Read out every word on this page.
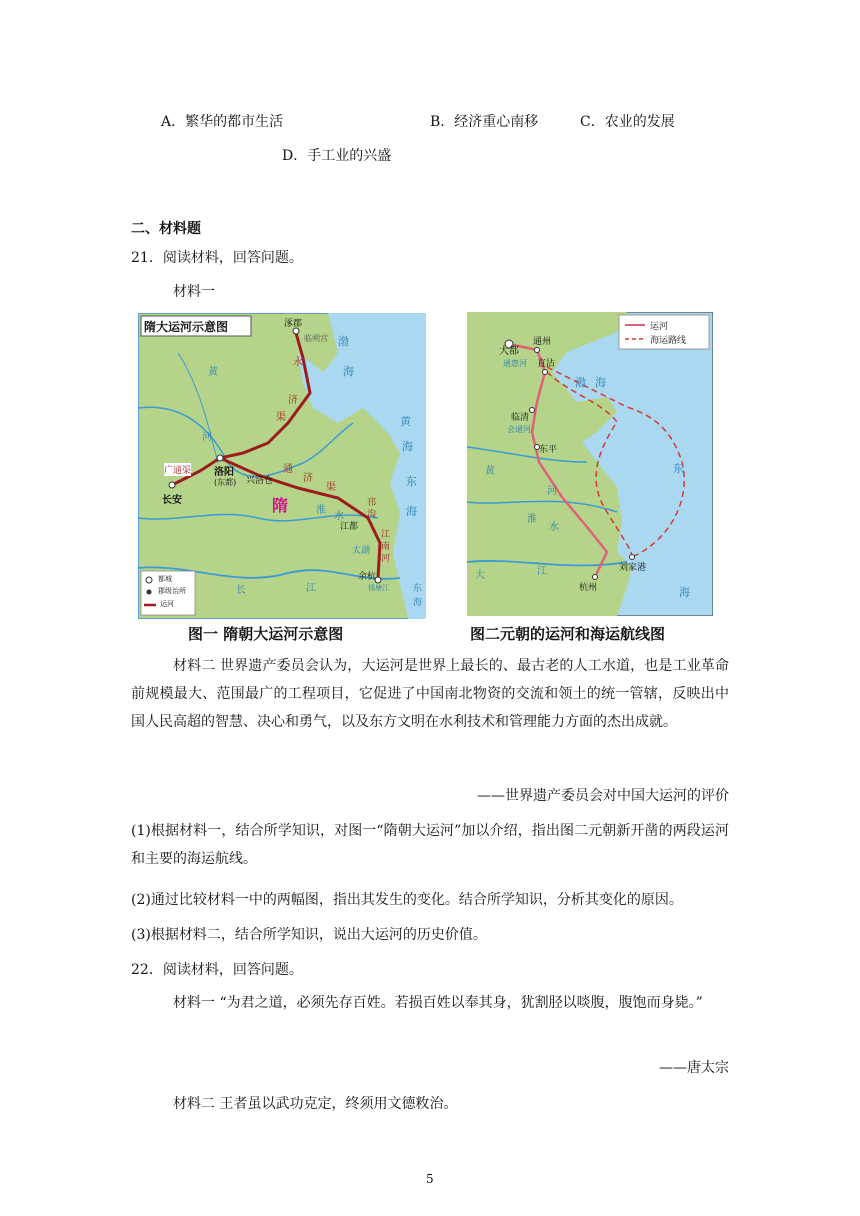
A．繁华的都市生活	B．经济重心南移	C．农业的发展
D．手工业的兴盛
二、材料题
21．阅读材料，回答问题。
材料一
隋大运河示意图	涿郡
临朔宫
永
济
渠
渤
海
黄
河
黄
海
东
海
广通渠 洛阳
(东都) 兴洛仓
通
济
渠
长安	隋	淮
水
邗
沟
江都
江
南
河
太湖
余杭
钱塘江
长	江	东
海
都城
郡级治所
运河
运河
海运路线
大都
通州
直沽
通惠河
渤 海
临清
会通河
东平
东
黄
河
淮
水
大	江	刘家港
杭州	海
图一 隋朝大运河示意图	图二元朝的运河和海运航线图
材料二 世界遗产委员会认为，大运河是世界上最长的、最古老的人工水道，也是工业革命前规模最大、范围最广的工程项目，它促进了中国南北物资的交流和领土的统一管辖，反映出中国人民高超的智慧、决心和勇气，以及东方文明在水利技术和管理能力方面的杰出成就。
——世界遗产委员会对中国大运河的评价
(1)根据材料一，结合所学知识，对图一“隋朝大运河”加以介绍，指出图二元朝新开凿的两段运河和主要的海运航线。
(2)通过比较材料一中的两幅图，指出其发生的变化。结合所学知识，分析其变化的原因。
(3)根据材料二，结合所学知识，说出大运河的历史价值。
22．阅读材料，回答问题。
材料一 “为君之道，必须先存百姓。若损百姓以奉其身，犹割胫以啖腹，腹饱而身毙。”
——唐太宗
材料二 王者虽以武功克定，终须用文德敉治。
5
